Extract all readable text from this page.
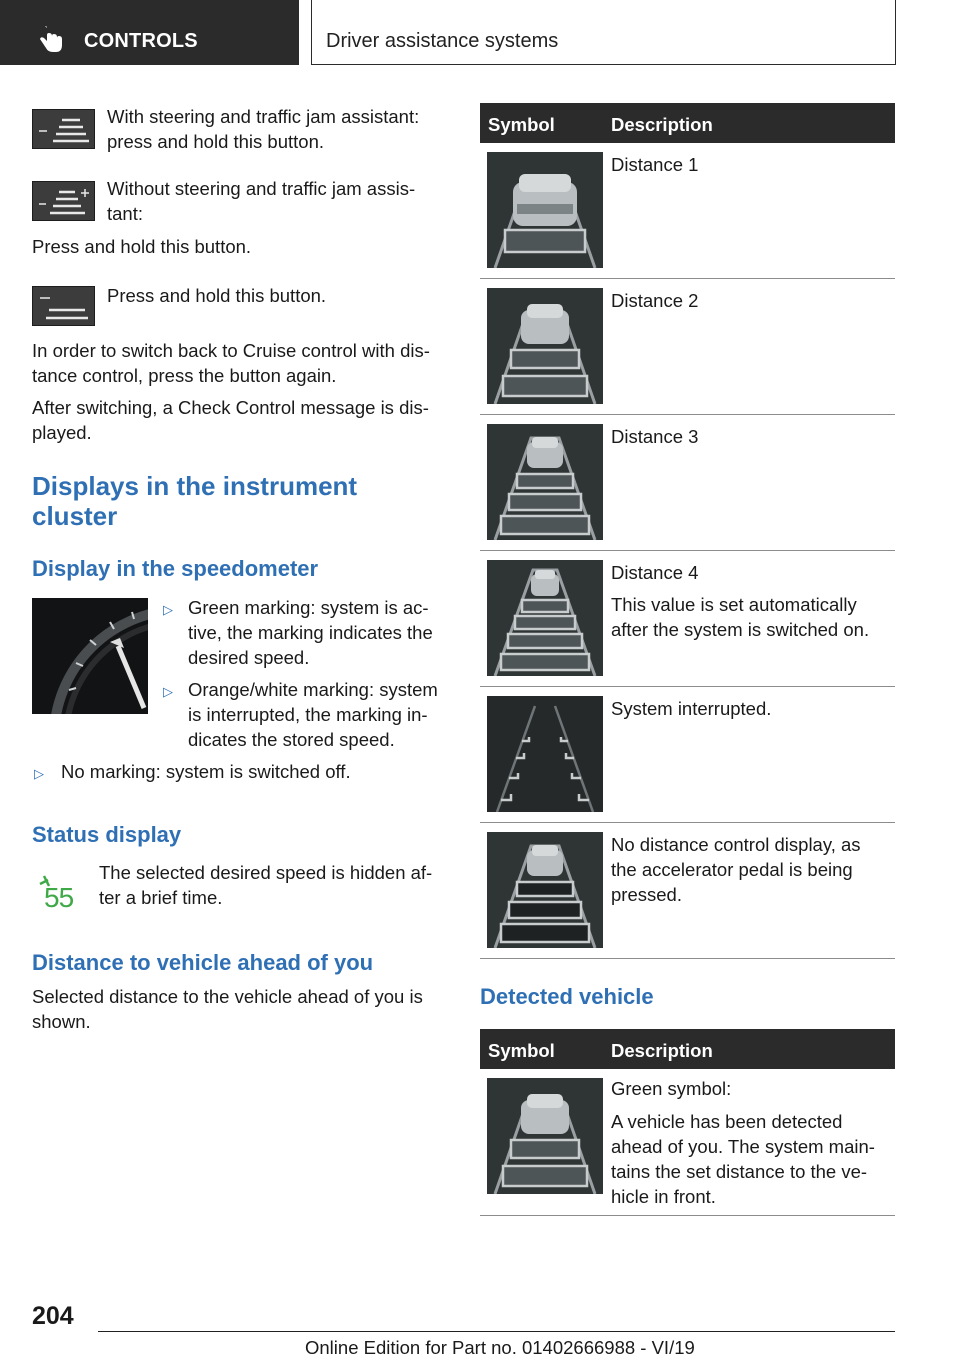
CONTROLS	Driver assistance systems
With steering and traffic jam assistant: press and hold this button.
Without steering and traffic jam assis-tant:
Press and hold this button.
Press and hold this button.
In order to switch back to Cruise control with dis-tance control, press the button again.
After switching, a Check Control message is dis-played.
Displays in the instrument cluster
Display in the speedometer
▷ Green marking: system is ac-tive, the marking indicates the desired speed.
▷ Orange/white marking: system is interrupted, the marking in-dicates the stored speed.
▷ No marking: system is switched off.
Status display
55
The selected desired speed is hidden af-ter a brief time.
Distance to vehicle ahead of you
Selected distance to the vehicle ahead of you is shown.
Symbol	Description
Distance 1
Distance 2
Distance 3
Distance 4
This value is set automatically after the system is switched on.
System interrupted.
No distance control display, as the accelerator pedal is being pressed.
Detected vehicle
Symbol	Description
Green symbol:
A vehicle has been detected ahead of you. The system main-tains the set distance to the ve-hicle in front.
204
Online Edition for Part no. 01402666988 - VI/19
